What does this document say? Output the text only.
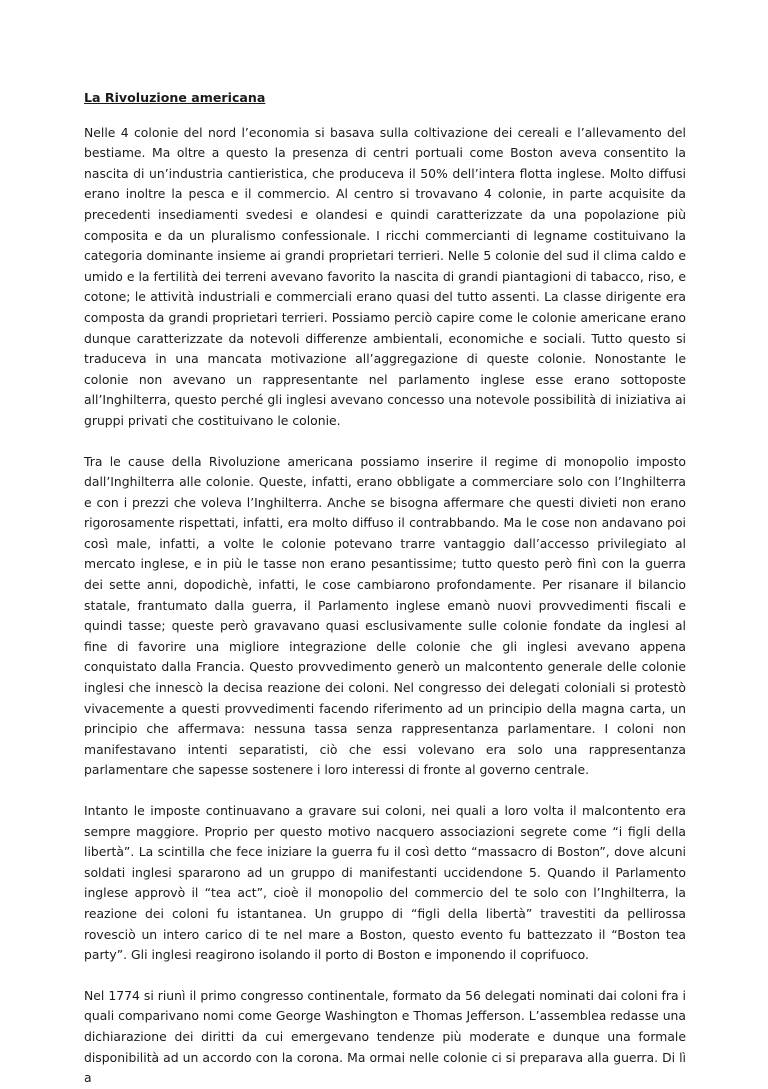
La Rivoluzione americana

Nelle 4 colonie del nord l’economia si basava sulla coltivazione dei cereali e l’allevamento del bestiame. Ma oltre a questo la presenza di centri portuali come Boston aveva consentito la nascita di un’industria cantieristica, che produceva il 50% dell’intera flotta inglese. Molto diffusi erano inoltre la pesca e il commercio. Al centro si trovavano 4 colonie, in parte acquisite da precedenti insediamenti svedesi e olandesi e quindi caratterizzate da una popolazione più composita e da un pluralismo confessionale. I ricchi commercianti di legname costituivano la categoria dominante insieme ai grandi proprietari terrieri. Nelle 5 colonie del sud il clima caldo e umido e la fertilità dei terreni avevano favorito la nascita di grandi piantagioni di tabacco, riso, e cotone; le attività industriali e commerciali erano quasi del tutto assenti. La classe dirigente era composta da grandi proprietari terrieri. Possiamo perciò capire come le colonie americane erano dunque caratterizzate da notevoli differenze ambientali, economiche e sociali. Tutto questo si traduceva in una mancata motivazione all’aggregazione di queste colonie. Nonostante le colonie non avevano un rappresentante nel parlamento inglese esse erano sottoposte all’Inghilterra, questo perché gli inglesi avevano concesso una notevole possibilità di iniziativa ai gruppi privati che costituivano le colonie.

Tra le cause della Rivoluzione americana possiamo inserire il regime di monopolio imposto dall’Inghilterra alle colonie. Queste, infatti, erano obbligate a commerciare solo con l’Inghilterra e con i prezzi che voleva l’Inghilterra. Anche se bisogna affermare che questi divieti non erano rigorosamente rispettati, infatti, era molto diffuso il contrabbando. Ma le cose non andavano poi così male, infatti, a volte le colonie potevano trarre vantaggio dall’accesso privilegiato al mercato inglese, e in più le tasse non erano pesantissime; tutto questo però finì con la guerra dei sette anni, dopodichè, infatti, le cose cambiarono profondamente. Per risanare il bilancio statale, frantumato dalla guerra, il Parlamento inglese emanò nuovi provvedimenti fiscali e quindi tasse; queste però gravavano quasi esclusivamente sulle colonie fondate da inglesi al fine di favorire una migliore integrazione delle colonie che gli inglesi avevano appena conquistato dalla Francia. Questo provvedimento generò un malcontento generale delle colonie inglesi che innescò la decisa reazione dei coloni. Nel congresso dei delegati coloniali si protestò vivacemente a questi provvedimenti facendo riferimento ad un principio della magna carta, un principio che affermava: nessuna tassa senza rappresentanza parlamentare. I coloni non manifestavano intenti separatisti, ciò che essi volevano era solo una rappresentanza parlamentare che sapesse sostenere i loro interessi di fronte al governo centrale.

Intanto le imposte continuavano a gravare sui coloni, nei quali a loro volta il malcontento era sempre maggiore. Proprio per questo motivo nacquero associazioni segrete come “i figli della libertà”. La scintilla che fece iniziare la guerra fu il così detto “massacro di Boston”, dove alcuni soldati inglesi spararono ad un gruppo di manifestanti uccidendone 5. Quando il Parlamento inglese approvò il “tea act”, cioè il monopolio del commercio del te solo con l’Inghilterra, la reazione dei coloni fu istantanea. Un gruppo di “figli della libertà” travestiti da pellirossa rovesciò un intero carico di te nel mare a Boston, questo evento fu battezzato il “Boston tea party”. Gli inglesi reagirono isolando il porto di Boston e imponendo il coprifuoco.

Nel 1774 si riunì il primo congresso continentale, formato da 56 delegati nominati dai coloni fra i quali comparivano nomi come George Washington e Thomas Jefferson. L’assemblea redasse una dichiarazione dei diritti da cui emergevano tendenze più moderate e dunque una formale disponibilità ad un accordo con la corona. Ma ormai nelle colonie ci si preparava alla guerra. Di lì a
